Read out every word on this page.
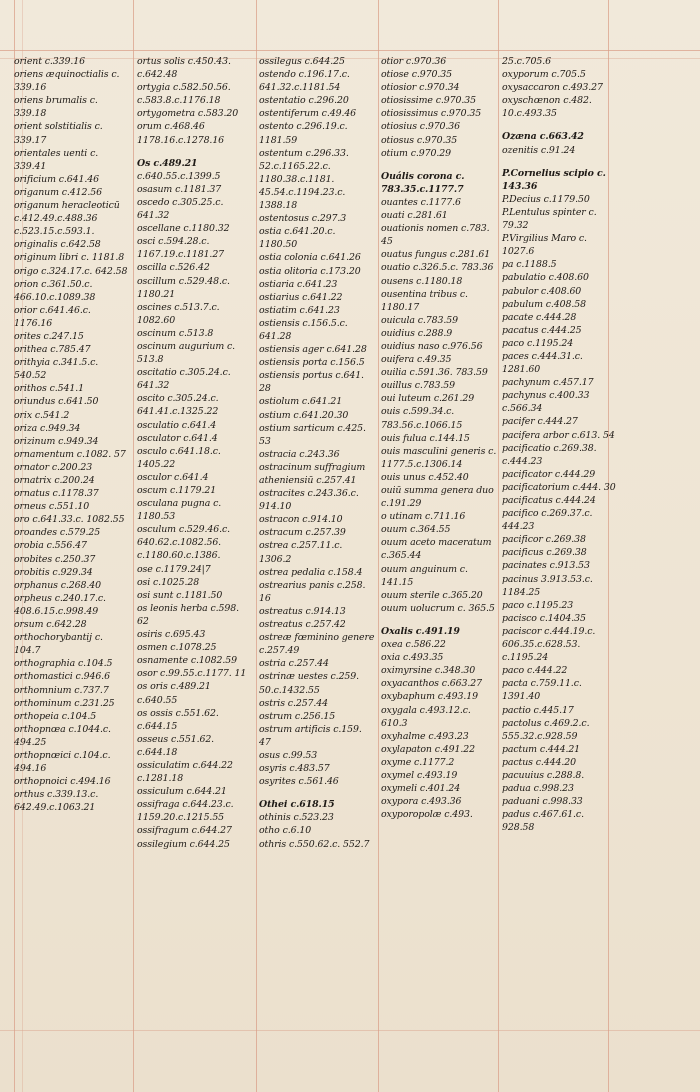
orient c.339.16
oriens æquinoctialis c. 339.16
oriens brumalis c. 339.18
orient solstitialis c. 339.17
orientales uenti c. 339.41
orificium c.641.46
origanum c.412.56
origanum heracleoticū c.412.49.c.488.36
c.523.15.c.593.1.
originalis c.642.58
originum libri c. 1181.8
origo c.324.17.c. 642.58
orion c.361.50.c. 466.10.c.1089.38
orior c.641.46.c. 1176.16
orites c.247.15
orithea c.785.47
orithyia c.341.5.c. 540.52
orithos c.541.1
oriundus c.641.50
orix c.541.2
oriza c.949.34
orizinum c.949.34
ornamentum c.1082. 57
ornator c.200.23
ornatrix c.200.24
ornatus c.1178.37
orneus c.551.10
oro c.641.33.c. 1082.55
oroandes c.579.25
orobia c.556.47
orobites c.250.37
orobitis c.929.34
orphanus c.268.40
orpheus c.240.17.c. 408.6.15.c.998.49
orsum c.642.28
orthochorybantij c. 104.7
orthographia c.104.5
orthomastici c.946.6
orthomnium c.737.7
orthominum c.231.25
orthopeia c.104.5
orthopnœa c.1044.c. 494.25
orthopnœici c.104.c. 494.16
orthopnoici c.494.16
orthus c.339.13.c. 642.49.c.1063.21
ortus solis c.450.43. c.642.48
ortygia c.582.50.56. c.583.8.c.1176.18
ortygometra c.583.20
orum c.468.46
1178.16.c.1278.16
Os c.489.21
c.640.55.c.1399.5
osasum c.1181.37
oscedo c.305.25.c. 641.32
oscellane c.1180.32
osci c.594.28.c. 1167.19.c.1181.27
oscilla c.526.42
oscillum c.529.48.c. 1180.21
oscines c.513.7.c. 1082.60
oscinum c.513.8
oscinum augurium c. 513.8
oscitatio c.305.24.c. 641.32
oscito c.305.24.c. 641.41.c.1325.22
osculatio c.641.4
osculator c.641.4
osculo c.641.18.c. 1405.22
osculor c.641.4
oscum c.1179.21
osculana pugna c. 1180.53
osculum c.529.46.c. 640.62.c.1082.56. c.1180.60.c.1386.
ose c.1179.24|7
osi c.1025.28
osi sunt c.1181.50
os leonis herba c.598. 62
osiris c.695.43
osmen c.1078.25
osnamente c.1082.59
osor c.99.55.c.1177. 11
os oris c.489.21
c.640.55
os ossis c.551.62. c.644.15
osseus c.551.62. c.644.18
ossiculatim c.644.22
c.1281.18
ossiculum c.644.21
ossifraga c.644.23.c. 1159.20.c.1215.55
ossifragum c.644.27
ossilegium c.644.25
ossilegus c.644.25
ostendo c.196.17.c. 641.32.c.1181.54
ostentatio c.296.20
ostentiferum c.49.46
ostento c.296.19.c. 1181.59
ostentum c.296.33. 52.c.1165.22.c. 1180.38.c.1181. 45.54.c.1194.23.c. 1388.18
ostentosus c.297.3
ostia c.641.20.c. 1180.50
ostia colonia c.641.26
ostia olitoria c.173.20
ostiaria c.641.23
ostiarius c.641.22
ostiatim c.641.23
ostiensis c.156.5.c. 641.28
ostiensis ager c.641.28
ostiensis porta c.156.5
ostiensis portus c.641. 28
ostiolum c.641.21
ostium c.641.20.30
ostium sarticum c.425. 53
ostracia c.243.36
ostracinum suffragium atheniensiū c.257.41
ostracites c.243.36.c. 914.10
ostracon c.914.10
ostracum c.257.39
ostrea c.257.11.c. 1306.2
ostrea pedalia c.158.4
ostrearius panis c.258. 16
ostreatus c.914.13
ostreatus c.257.42
ostreæ fœminino genere c.257.49
ostria c.257.44
ostrinæ uestes c.259. 50.c.1432.55
ostris c.257.44
ostrum c.256.15
ostrum artificis c.159. 47
osus c.99.53
osyris c.483.57
osyrites c.561.46
Othei c.618.15
othinis c.523.23
otho c.6.10
othris c.550.62.c. 552.7
otior c.970.36
otiose c.970.35
otiosior c.970.34
otiosissime c.970.35
otiosissimus c.970.35
otiosius c.970.36
otiosus c.970.35
otium c.970.29
Ouális corona c. 783.35.c.1177.7
ouantes c.1177.6
ouati c.281.61
ouationis nomen c.783. 45
ouatus fungus c.281.61
ouatio c.326.5.c. 783.36
ousens c.1180.18
ousentina tribus c. 1180.17
ouicula c.783.59
ouidius c.288.9
ouidius naso c.976.56
ouifera c.49.35
ouilia c.591.36. 783.59
ouillus c.783.59
oui luteum c.261.29
ouis c.599.34.c. 783.56.c.1066.15
ouis fulua c.144.15
ouis masculini generis c. 1177.5.c.1306.14
ouis unus c.452.40
ouiū summa genera duo c.191.29
o utinam c.711.16
ouum c.364.55
ouum aceto maceratum c.365.44
ouum anguinum c. 141.15
ouum sterile c.365.20
ouum uolucrum c. 365.5
Oxalis c.491.19
oxea c.586.22
oxia c.493.35
oximyrsine c.348.30
oxyacanthos c.663.27
oxybaphum c.493.19
oxygala c.493.12.c. 610.3
oxyhalme c.493.23
oxylapaton c.491.22
oxyme c.1177.2
oxymel c.493.19
oxymeli c.401.24
oxypora c.493.36
oxyporopolæ c.493.
25.c.705.6
oxyporum c.705.5
oxysaccaron c.493.27
oxyschœnon c.482. 10.c.493.35
Ozæna c.663.42
ozenitis c.91.24
P.Cornelius scipio c. 143.36
P.Decius c.1179.50
P.Lentulus spinter c. 79.32
P.Virgilius Maro c. 1027.6
pa c.1188.5
pabulatio c.408.60
pabulor c.408.60
pabulum c.408.58
pacate c.444.28
pacatus c.444.25
paco c.1195.24
paces c.444.31.c. 1281.60
pachynum c.457.17
pachynus c.400.33 c.566.34
pacifer c.444.27
pacifera arbor c.613. 54
pacificatio c.269.38. c.444.23
pacificator c.444.29
pacificatorium c.444. 30
pacificatus c.444.24
pacifico c.269.37.c. 444.23
pacificor c.269.38
pacificus c.269.38
pacinates c.913.53
pacinus 3.913.53.c. 1184.25
paco c.1195.23
pacisco c.1404.35
paciscor c.444.19.c. 606.35.c.628.53. c.1195.24
paco c.444.22
pacta c.759.11.c. 1391.40
pactio c.445.17
pactolus c.469.2.c. 555.32.c.928.59
pactum c.444.21
pactus c.444.20
pacuuius c.288.8.
padua c.998.23
paduani c.998.33
padus c.467.61.c. 928.58
